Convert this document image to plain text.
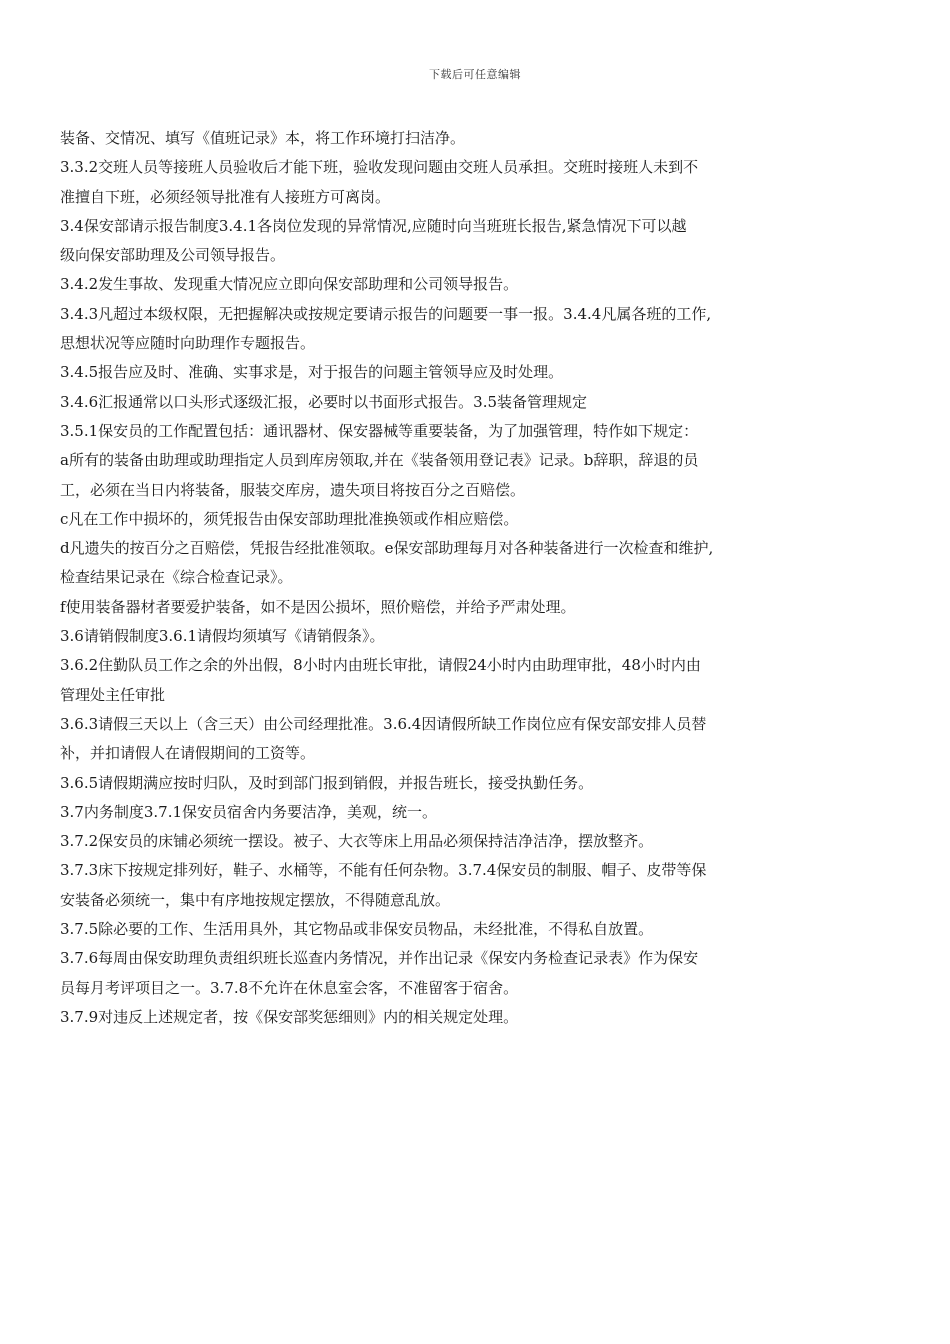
下载后可任意编辑
装备、交情况、填写《值班记录》本，将工作环境打扫洁净。
3.3.2交班人员等接班人员验收后才能下班，验收发现问题由交班人员承担。交班时接班人未到不
准擅自下班，必须经领导批准有人接班方可离岗。
3.4保安部请示报告制度3.4.1各岗位发现的异常情况,应随时向当班班长报告,紧急情况下可以越
级向保安部助理及公司领导报告。
3.4.2发生事故、发现重大情况应立即向保安部助理和公司领导报告。
3.4.3凡超过本级权限，无把握解决或按规定要请示报告的问题要一事一报。3.4.4凡属各班的工作,
思想状况等应随时向助理作专题报告。
3.4.5报告应及时、准确、实事求是，对于报告的问题主管领导应及时处理。
3.4.6汇报通常以口头形式逐级汇报，必要时以书面形式报告。3.5装备管理规定
3.5.1保安员的工作配置包括：通讯器材、保安器械等重要装备，为了加强管理，特作如下规定：
a所有的装备由助理或助理指定人员到库房领取,并在《装备领用登记表》记录。b辞职，辞退的员
工，必须在当日内将装备，服装交库房，遗失项目将按百分之百赔偿。
c凡在工作中损坏的，须凭报告由保安部助理批准换领或作相应赔偿。
d凡遗失的按百分之百赔偿，凭报告经批准领取。e保安部助理每月对各种装备进行一次检查和维护,
检查结果记录在《综合检查记录》。
f使用装备器材者要爱护装备，如不是因公损坏，照价赔偿，并给予严肃处理。
3.6请销假制度3.6.1请假均须填写《请销假条》。
3.6.2住勤队员工作之余的外出假，8小时内由班长审批，请假24小时内由助理审批，48小时内由
管理处主任审批
3.6.3请假三天以上（含三天）由公司经理批准。3.6.4因请假所缺工作岗位应有保安部安排人员替
补，并扣请假人在请假期间的工资等。
3.6.5请假期满应按时归队，及时到部门报到销假，并报告班长，接受执勤任务。
3.7内务制度3.7.1保安员宿舍内务要洁净，美观，统一。
3.7.2保安员的床铺必须统一摆设。被子、大衣等床上用品必须保持洁净洁净，摆放整齐。
3.7.3床下按规定排列好，鞋子、水桶等，不能有任何杂物。3.7.4保安员的制服、帽子、皮带等保
安装备必须统一，集中有序地按规定摆放，不得随意乱放。
3.7.5除必要的工作、生活用具外，其它物品或非保安员物品，未经批准，不得私自放置。
3.7.6每周由保安助理负责组织班长巡查内务情况，并作出记录《保安内务检查记录表》作为保安
员每月考评项目之一。3.7.8不允许在休息室会客，不准留客于宿舍。
3.7.9对违反上述规定者，按《保安部奖惩细则》内的相关规定处理。
